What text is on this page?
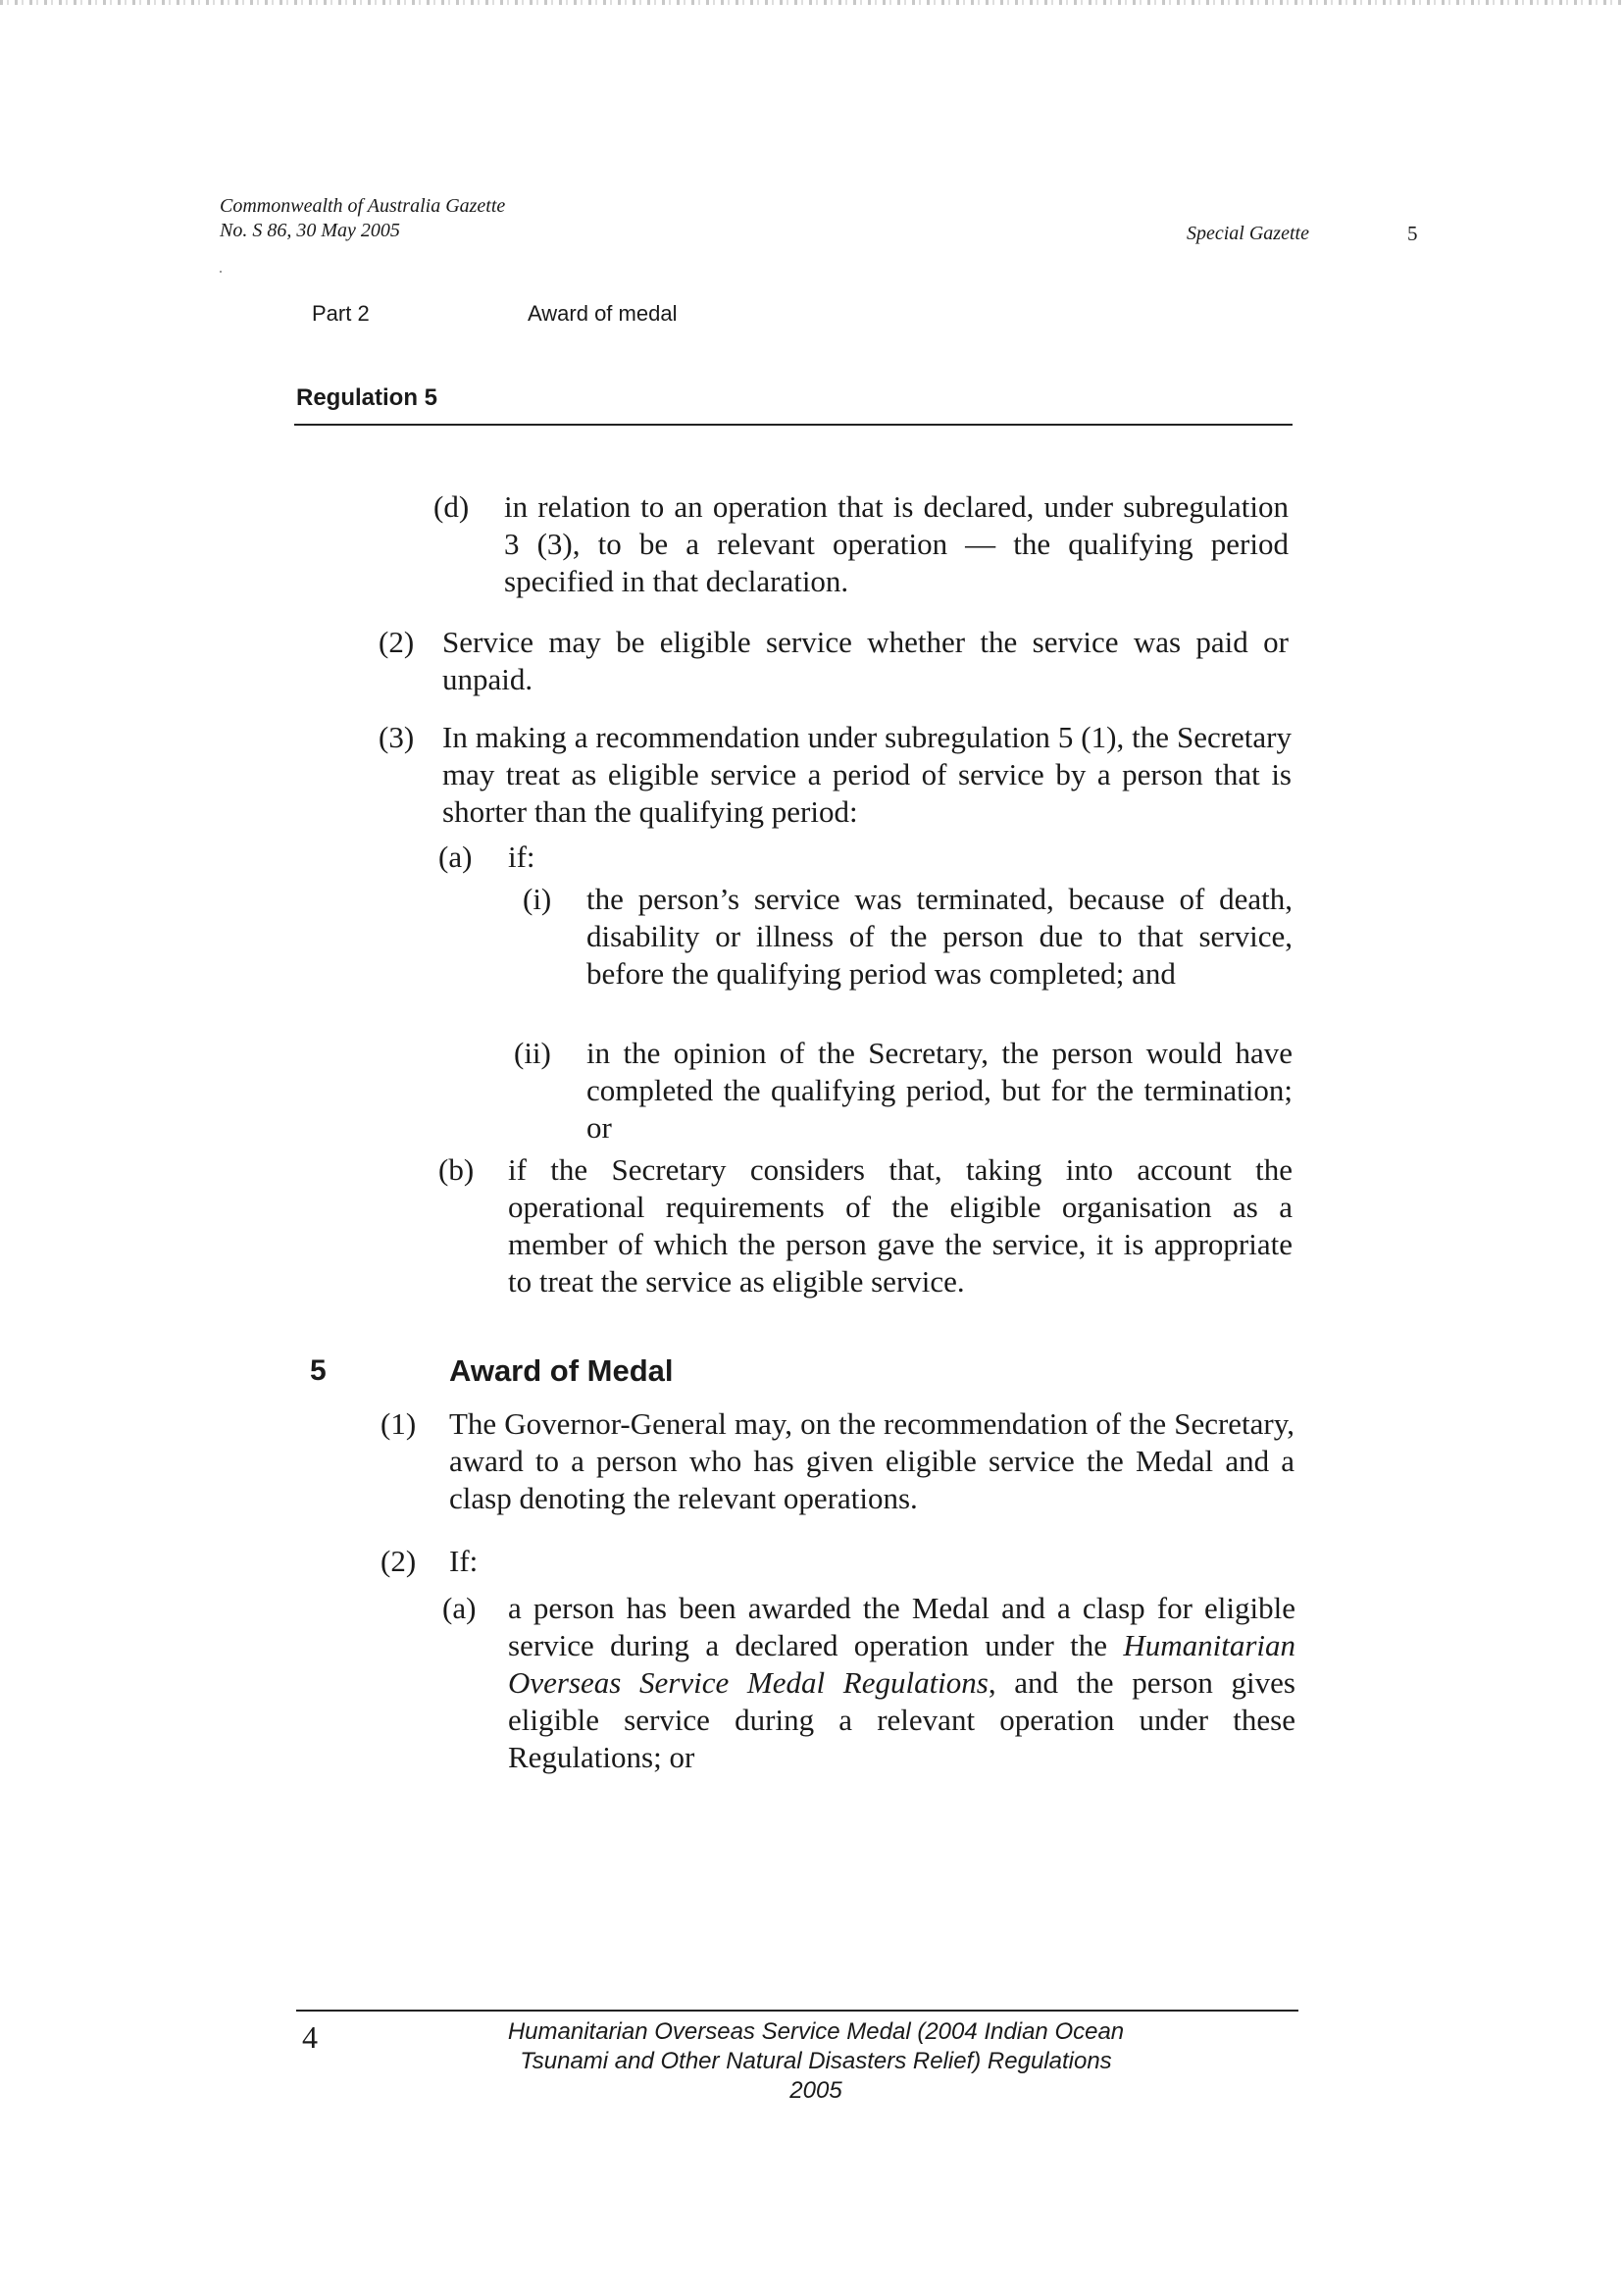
Commonwealth of Australia Gazette
No. S 86, 30 May 2005	Special Gazette	5
Part 2	Award of medal
Regulation 5
(d) in relation to an operation that is declared, under subregulation 3 (3), to be a relevant operation — the qualifying period specified in that declaration.
(2) Service may be eligible service whether the service was paid or unpaid.
(3) In making a recommendation under subregulation 5 (1), the Secretary may treat as eligible service a period of service by a person that is shorter than the qualifying period:
(a) if:
(i) the person’s service was terminated, because of death, disability or illness of the person due to that service, before the qualifying period was completed; and
(ii) in the opinion of the Secretary, the person would have completed the qualifying period, but for the termination; or
(b) if the Secretary considers that, taking into account the operational requirements of the eligible organisation as a member of which the person gave the service, it is appropriate to treat the service as eligible service.
5	Award of Medal
(1) The Governor-General may, on the recommendation of the Secretary, award to a person who has given eligible service the Medal and a clasp denoting the relevant operations.
(2) If:
(a) a person has been awarded the Medal and a clasp for eligible service during a declared operation under the Humanitarian Overseas Service Medal Regulations, and the person gives eligible service during a relevant operation under these Regulations; or
4	Humanitarian Overseas Service Medal (2004 Indian Ocean
Tsunami and Other Natural Disasters Relief) Regulations
2005
